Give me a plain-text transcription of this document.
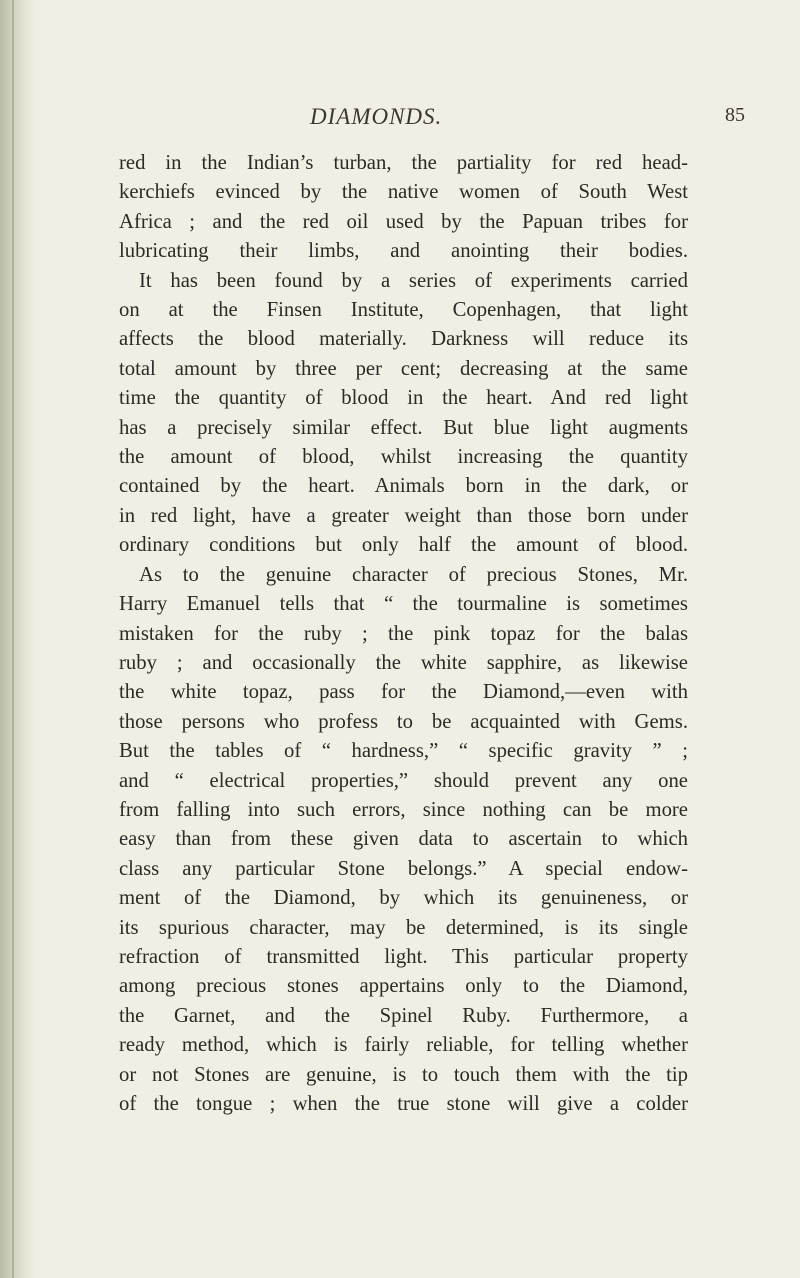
DIAMONDS.	85
red in the Indian’s turban, the partiality for red head-
kerchiefs evinced by the native women of South West
Africa ; and the red oil used by the Papuan tribes for
lubricating their limbs, and anointing their bodies.
It has been found by a series of experiments carried
on at the Finsen Institute, Copenhagen, that light
affects the blood materially. Darkness will reduce its
total amount by three per cent; decreasing at the same
time the quantity of blood in the heart. And red light
has a precisely similar effect. But blue light augments
the amount of blood, whilst increasing the quantity
contained by the heart. Animals born in the dark, or
in red light, have a greater weight than those born under
ordinary conditions but only half the amount of blood.
As to the genuine character of precious Stones, Mr.
Harry Emanuel tells that “ the tourmaline is sometimes
mistaken for the ruby ; the pink topaz for the balas
ruby ; and occasionally the white sapphire, as likewise
the white topaz, pass for the Diamond,—even with
those persons who profess to be acquainted with Gems.
But the tables of “ hardness,” “ specific gravity ” ;
and “ electrical properties,” should prevent any one
from falling into such errors, since nothing can be more
easy than from these given data to ascertain to which
class any particular Stone belongs.” A special endow-
ment of the Diamond, by which its genuineness, or
its spurious character, may be determined, is its single
refraction of transmitted light. This particular property
among precious stones appertains only to the Diamond,
the Garnet, and the Spinel Ruby. Furthermore, a
ready method, which is fairly reliable, for telling whether
or not Stones are genuine, is to touch them with the tip
of the tongue ; when the true stone will give a colder
